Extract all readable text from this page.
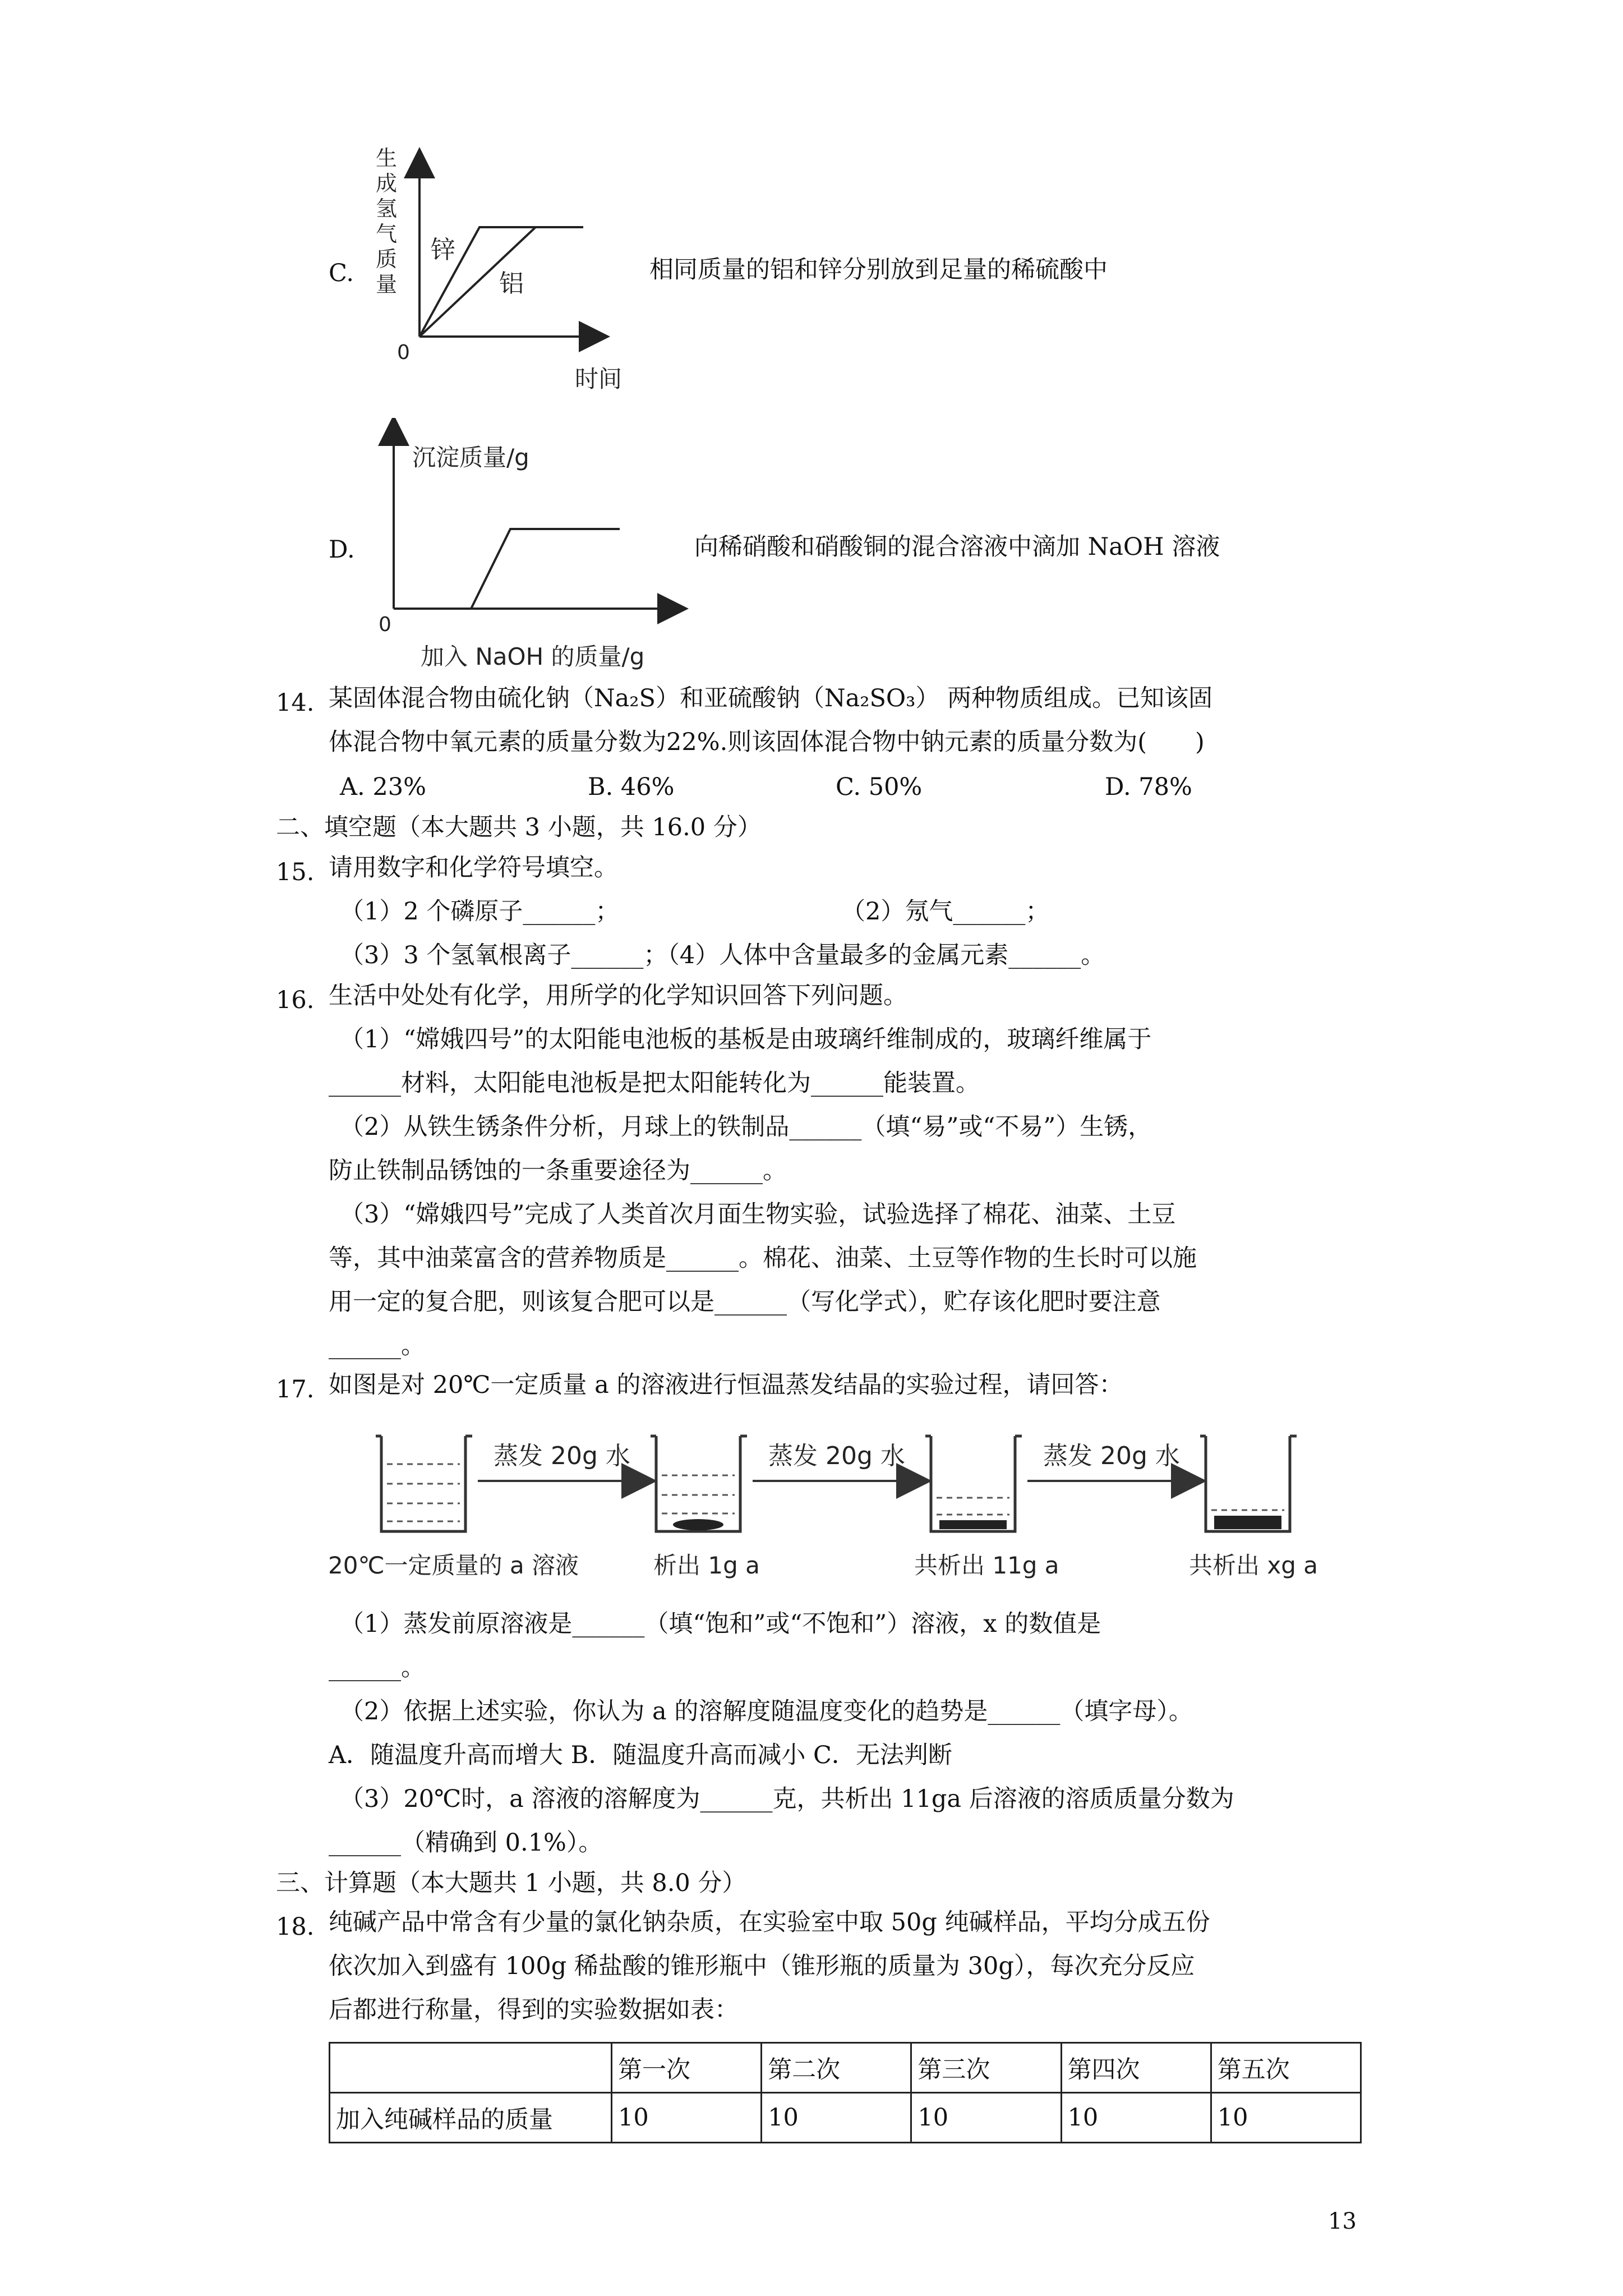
C.
生成氢 气质量
锌
铝
0
时间
相同质量的铝和锌分别放到足量的稀硫酸中
D.
沉淀质量/g
0
加入 NaOH 的质量/g
向稀硝酸和硝酸铜的混合溶液中滴加 NaOH 溶液
14. 某固体混合物由硫化钠（Na₂S）和亚硫酸钠（Na₂SO₃） 两种物质组成。已知该固
体混合物中氧元素的质量分数为22%.则该固体混合物中钠元素的质量分数为(　　)
A. 23%	B. 46%	C. 50%	D. 78%
二、填空题（本大题共 3 小题，共 16.0 分）
15. 请用数字和化学符号填空。
（1）2 个磷原子______；	（2）氖气______；
（3）3 个氢氧根离子______；（4）人体中含量最多的金属元素______。
16. 生活中处处有化学，用所学的化学知识回答下列问题。
（1）“嫦娥四号”的太阳能电池板的基板是由玻璃纤维制成的，玻璃纤维属于
______材料，太阳能电池板是把太阳能转化为______能装置。
（2）从铁生锈条件分析，月球上的铁制品______（填“易”或“不易”）生锈，
防止铁制品锈蚀的一条重要途径为______。
（3）“嫦娥四号”完成了人类首次月面生物实验，试验选择了棉花、油菜、土豆
等，其中油菜富含的营养物质是______。棉花、油菜、土豆等作物的生长时可以施
用一定的复合肥，则该复合肥可以是______（写化学式），贮存该化肥时要注意
______。
17. 如图是对 20℃一定质量 a 的溶液进行恒温蒸发结晶的实验过程，请回答：
蒸发 20g 水	蒸发 20g 水	蒸发 20g 水
20℃一定质量的 a 溶液	析出 1g a	共析出 11g a	共析出 xg a
（1）蒸发前原溶液是______（填“饱和”或“不饱和”）溶液，x 的数值是
______。
（2）依据上述实验，你认为 a 的溶解度随温度变化的趋势是______（填字母）。
A．随温度升高而增大 B．随温度升高而减小 C．无法判断
（3）20℃时，a 溶液的溶解度为______克，共析出 11ga 后溶液的溶质质量分数为
______（精确到 0.1%）。
三、计算题（本大题共 1 小题，共 8.0 分）
18. 纯碱产品中常含有少量的氯化钠杂质，在实验室中取 50g 纯碱样品，平均分成五份
依次加入到盛有 100g 稀盐酸的锥形瓶中（锥形瓶的质量为 30g），每次充分反应
后都进行称量，得到的实验数据如表：
	第一次	第二次	第三次	第四次	第五次
加入纯碱样品的质量	10	10	10	10	10
13
